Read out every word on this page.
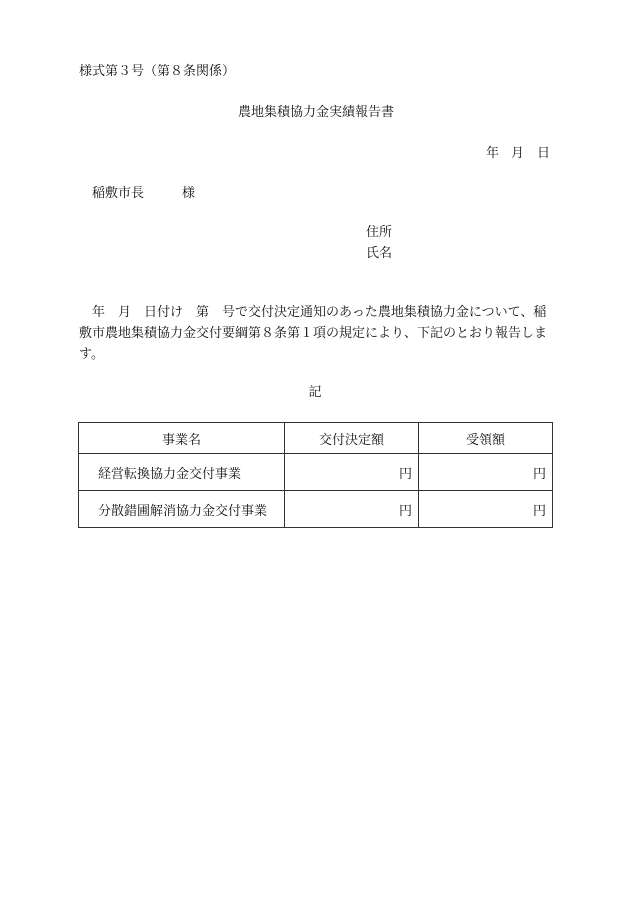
様式第３号（第８条関係）
農地集積協力金実績報告書
年 月 日
稲敷市長	様
住所
氏名
年　月　日付け　第　号で交付決定通知のあった農地集積協力金について、稲敷市農地集積協力金交付要綱第８条第１項の規定により、下記のとおり報告します。
記
事業名	交付決定額	受領額
経営転換協力金交付事業	円	円
分散錯圃解消協力金交付事業	円	円
